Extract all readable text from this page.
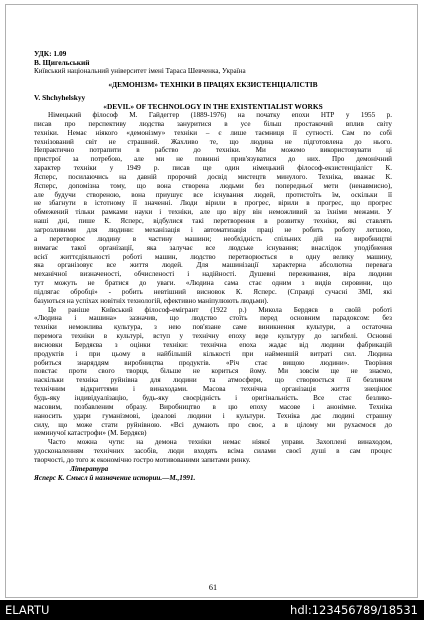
УДК: 1.09
В. Щигельський
Київський національний університет імені Тараса Шевченка, Україна
«ДЕМОНІЗМ» ТЕХНІКИ В ПРАЦЯХ ЕКЗИСТЕНЦІАЛІСТІВ
V. Shchyhelskyy
«DEVIL» OF TECHNOLOGY IN THE EXISTENTIALIST WORKS
Німецький філософ М. Гайдеггер (1889-1976) на початку епохи НТР у 1955 р.
писав про перспективу людства зануритися в усе більш простакочий вплив світу
техніки. Немає ніякого «демонізму» техніки – є лише таємниця її сутності. Сам по собі
технізований світ не страшний. Жахливо те, що людина не підготовлена до нього.
Непрактично потрапити в рабство до техніки. Ми можемо використовувати ці
пристрої за потребою, але ми не повинні прив'язуватися до них. Про демонічний
характер техніки у 1949 р. писав ще один німецький філософ-екзистенціаліст К.
Ясперс, посилаючись на давній пророчий досвід мистецтв минулого. Техніка, вважає К.
Ясперс, допомізна тому, що вона створена людьми без попередньої мети (ненавмисно),
але будучи створеною, вона приушує все існування людей, протистоїть їм, оскільки її
не збагнути в істотному її значенні. Люди вірили в прогрес, вірили в прогрес, що прогрес
обмежений тільки рамками науки і техніки, але цю віру він неможливий за їхніми межами. У
наші дні, пише К. Ясперс, відбулися такі перетворення в розвитку техніки, які ставлять
загрозливими для людини: механізація і автоматизація праці не робить роботу легшою,
а перетворює людину в частину машини; необхідність спільних дій на виробництві
вимагає такої організації, яка залучає все людське існування; внаслідок уподібнення
всієї життєдіяльності роботі машин, людство перетворюється в одну велику машину,
яка організовує все життя людей. Для машинізації характерна абсолютна перевага
механічної визначеності, обчисленості і надійності. Душевні переживання, віра людини
тут можуть не братися до уваги. «Людина сама стає одним з видів сировини, що
підлягає обробці» - робить невтішний висновок К. Ясперс. (Справді сучасні ЗМІ, які
базуються на успіхах новітніх технологій, ефективно маніпулюють людьми).
Це раніше Київський філософ-емігрант (1922 р.) Микола Бердяєв в своїй роботі
«Людина і машина» зазначив, що людство стоїть перед основним парадоксом: без
техніки неможлива культура, з нею пов'язане саме виникнення культури, а остаточна
перемога техніки в культурі, вступ у технічну епоху веде культуру до загибелі. Основні
висновки Бердяєва з оцінки техніки: технічна епоха жадає від людини фабрикацій
продуктів і при цьому в найбільшій кількості при найменшій витраті сил. Людина
робиться знаряддям виробництва продуктів. «Річ стає вищою людини». Творіння
повстає проти свого творця, більше не кориться йому. Ми зовсім ще не знаємо,
наскільки техніка руйнівна для людини та атмосфери, що створюється її безликим
технічним відкриттями і винаходами. Масова технічна організація життя знецінює
будь-яку індивідуалізацію, будь-яку своєрідність і оригінальність. Все стає безлико-
масовим, позбавленим образу. Виробництво в цю епоху масове і анонімне. Техніка
наносить удари гуманізмові, ідеалові людини і культури. Техніка дає людині страшну
силу, що може стати руйнівною. «Всі думають про своє, а в цілому ми рухаємося до
неминучої катастрофи» (М. Бердяєв)
Часто можна чути: на демона техніки немає ніякої управи. Захоплені винаходом,
удосконаленням технічних засобів, люди входять всіма силами своєї душі в сам процес
творчості, до того ж економічно гостро мотивованими запитами ринку.
Література
Ясперс К. Смысл й назначение истории.—М.,1991.
61
ELARTU	hdl:123456789/18531
